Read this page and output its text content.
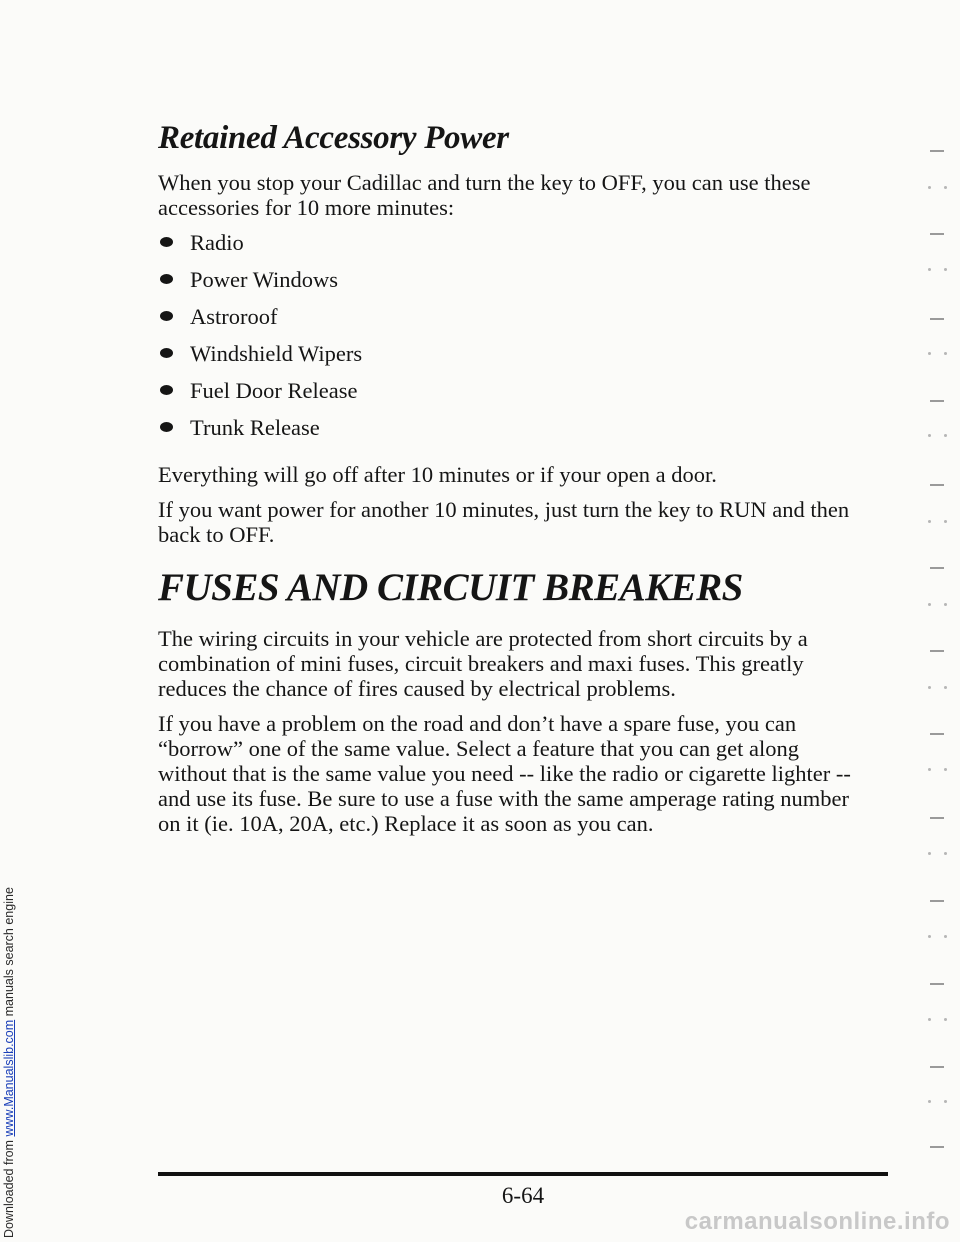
Downloaded from www.Manualslib.com manuals search engine
Retained Accessory Power

When you stop your Cadillac and turn the key to OFF, you can use these accessories for 10 more minutes:

Radio
Power Windows
Astroroof
Windshield Wipers
Fuel Door Release
Trunk Release

Everything will go off after 10 minutes or if your open a door.

If you want power for another 10 minutes, just turn the key to RUN and then back to OFF.

FUSES AND CIRCUIT BREAKERS

The wiring circuits in your vehicle are protected from short circuits by a combination of mini fuses, circuit breakers and maxi fuses. This greatly reduces the chance of fires caused by electrical problems.

If you have a problem on the road and don’t have a spare fuse, you can “borrow” one of the same value. Select a feature that you can get along without that is the same value you need -- like the radio or cigarette lighter -- and use its fuse. Be sure to use a fuse with the same amperage rating number on it (ie. 10A, 20A, etc.) Replace it as soon as you can.

6-64
carmanualsonline.info
